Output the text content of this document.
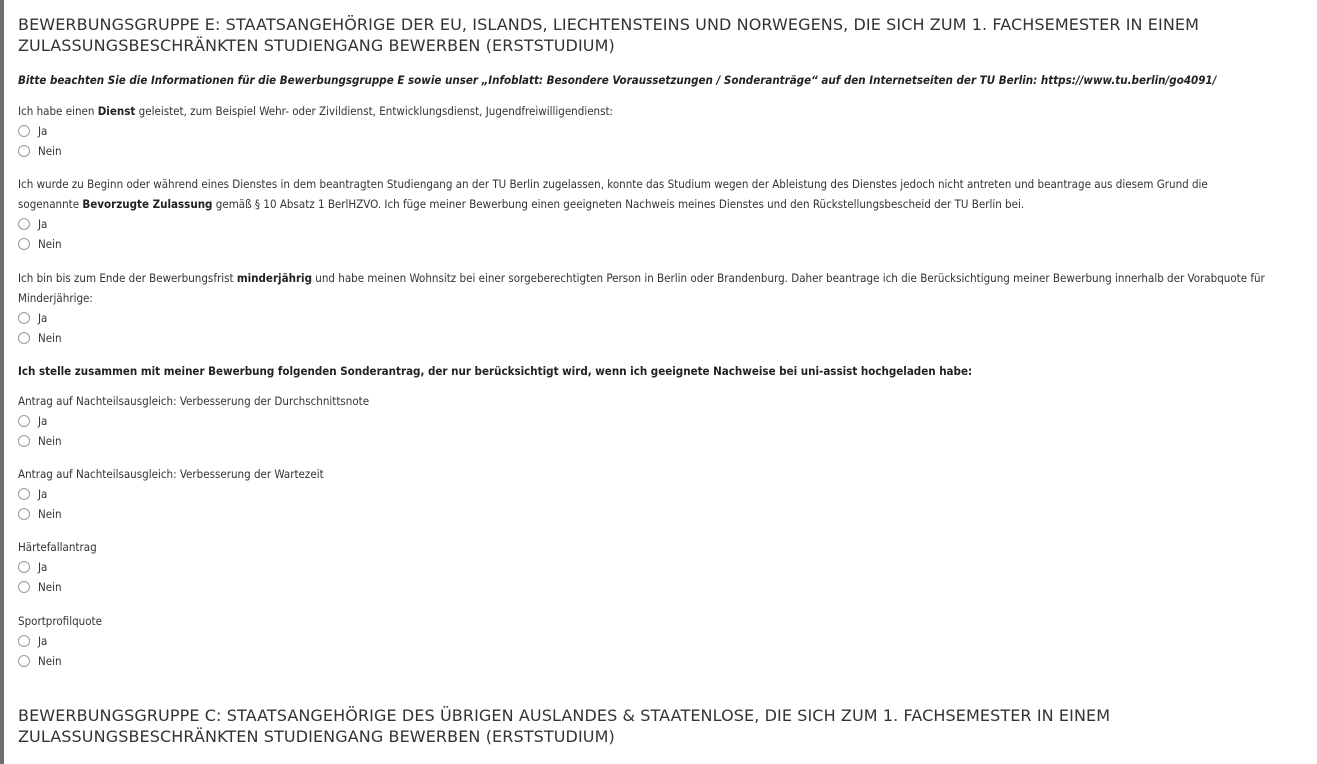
BEWERBUNGSGRUPPE E: STAATSANGEHÖRIGE DER EU, ISLANDS, LIECHTENSTEINS UND NORWEGENS, DIE SICH ZUM 1. FACHSEMESTER IN EINEM ZULASSUNGSBESCHRÄNKTEN STUDIENGANG BEWERBEN (ERSTSTUDIUM)

Bitte beachten Sie die Informationen für die Bewerbungsgruppe E sowie unser „Infoblatt: Besondere Voraussetzungen / Sonderanträge“ auf den Internetseiten der TU Berlin: https://www.tu.berlin/go4091/

Ich habe einen Dienst geleistet, zum Beispiel Wehr- oder Zivildienst, Entwicklungsdienst, Jugendfreiwilligendienst:
Ja
Nein
Ich wurde zu Beginn oder während eines Dienstes in dem beantragten Studiengang an der TU Berlin zugelassen, konnte das Studium wegen der Ableistung des Dienstes jedoch nicht antreten und beantrage aus diesem Grund die sogenannte Bevorzugte Zulassung gemäß § 10 Absatz 1 BerlHZVO. Ich füge meiner Bewerbung einen geeigneten Nachweis meines Dienstes und den Rückstellungsbescheid der TU Berlin bei.
Ja
Nein
Ich bin bis zum Ende der Bewerbungsfrist minderjährig und habe meinen Wohnsitz bei einer sorgeberechtigten Person in Berlin oder Brandenburg. Daher beantrage ich die Berücksichtigung meiner Bewerbung innerhalb der Vorabquote für Minderjährige:
Ja
Nein
Ich stelle zusammen mit meiner Bewerbung folgenden Sonderantrag, der nur berücksichtigt wird, wenn ich geeignete Nachweise bei uni-assist hochgeladen habe:
Antrag auf Nachteilsausgleich: Verbesserung der Durchschnittsnote
Ja
Nein
Antrag auf Nachteilsausgleich: Verbesserung der Wartezeit
Ja
Nein
Härtefallantrag
Ja
Nein
Sportprofilquote
Ja
Nein
BEWERBUNGSGRUPPE C: STAATSANGEHÖRIGE DES ÜBRIGEN AUSLANDES & STAATENLOSE, DIE SICH ZUM 1. FACHSEMESTER IN EINEM ZULASSUNGSBESCHRÄNKTEN STUDIENGANG BEWERBEN (ERSTSTUDIUM)
